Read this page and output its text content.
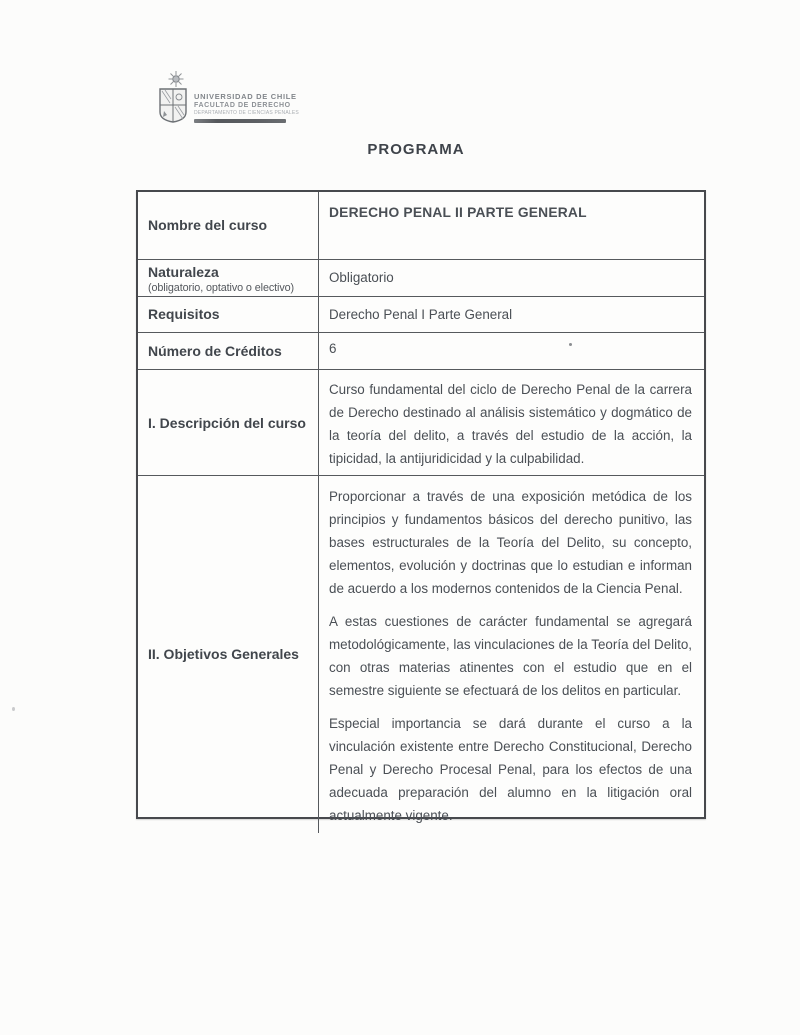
UNIVERSIDAD DE CHILE
FACULTAD DE DERECHO
DEPARTAMENTO DE CIENCIAS PENALES
PROGRAMA
Nombre del curso

DERECHO PENAL II PARTE GENERAL

Naturaleza
(obligatorio, optativo o electivo)

Obligatorio

Requisitos	Derecho Penal I Parte General

Número de Créditos	6

I. Descripción del curso

Curso fundamental del ciclo de Derecho Penal de la carrera de Derecho destinado al análisis sistemático y dogmático de la teoría del delito, a través del estudio de la acción, la tipicidad, la antijuridicidad y la culpabilidad.

II. Objetivos Generales

Proporcionar a través de una exposición metódica de los principios y fundamentos básicos del derecho punitivo, las bases estructurales de la Teoría del Delito, su concepto, elementos, evolución y doctrinas que lo estudian e informan de acuerdo a los modernos contenidos de la Ciencia Penal.

A estas cuestiones de carácter fundamental se agregará metodológicamente, las vinculaciones de la Teoría del Delito, con otras materias atinentes con el estudio que en el semestre siguiente se efectuará de los delitos en particular.

Especial importancia se dará durante el curso a la vinculación existente entre Derecho Constitucional, Derecho Penal y Derecho Procesal Penal, para los efectos de una adecuada preparación del alumno en la litigación oral actualmente vigente.
